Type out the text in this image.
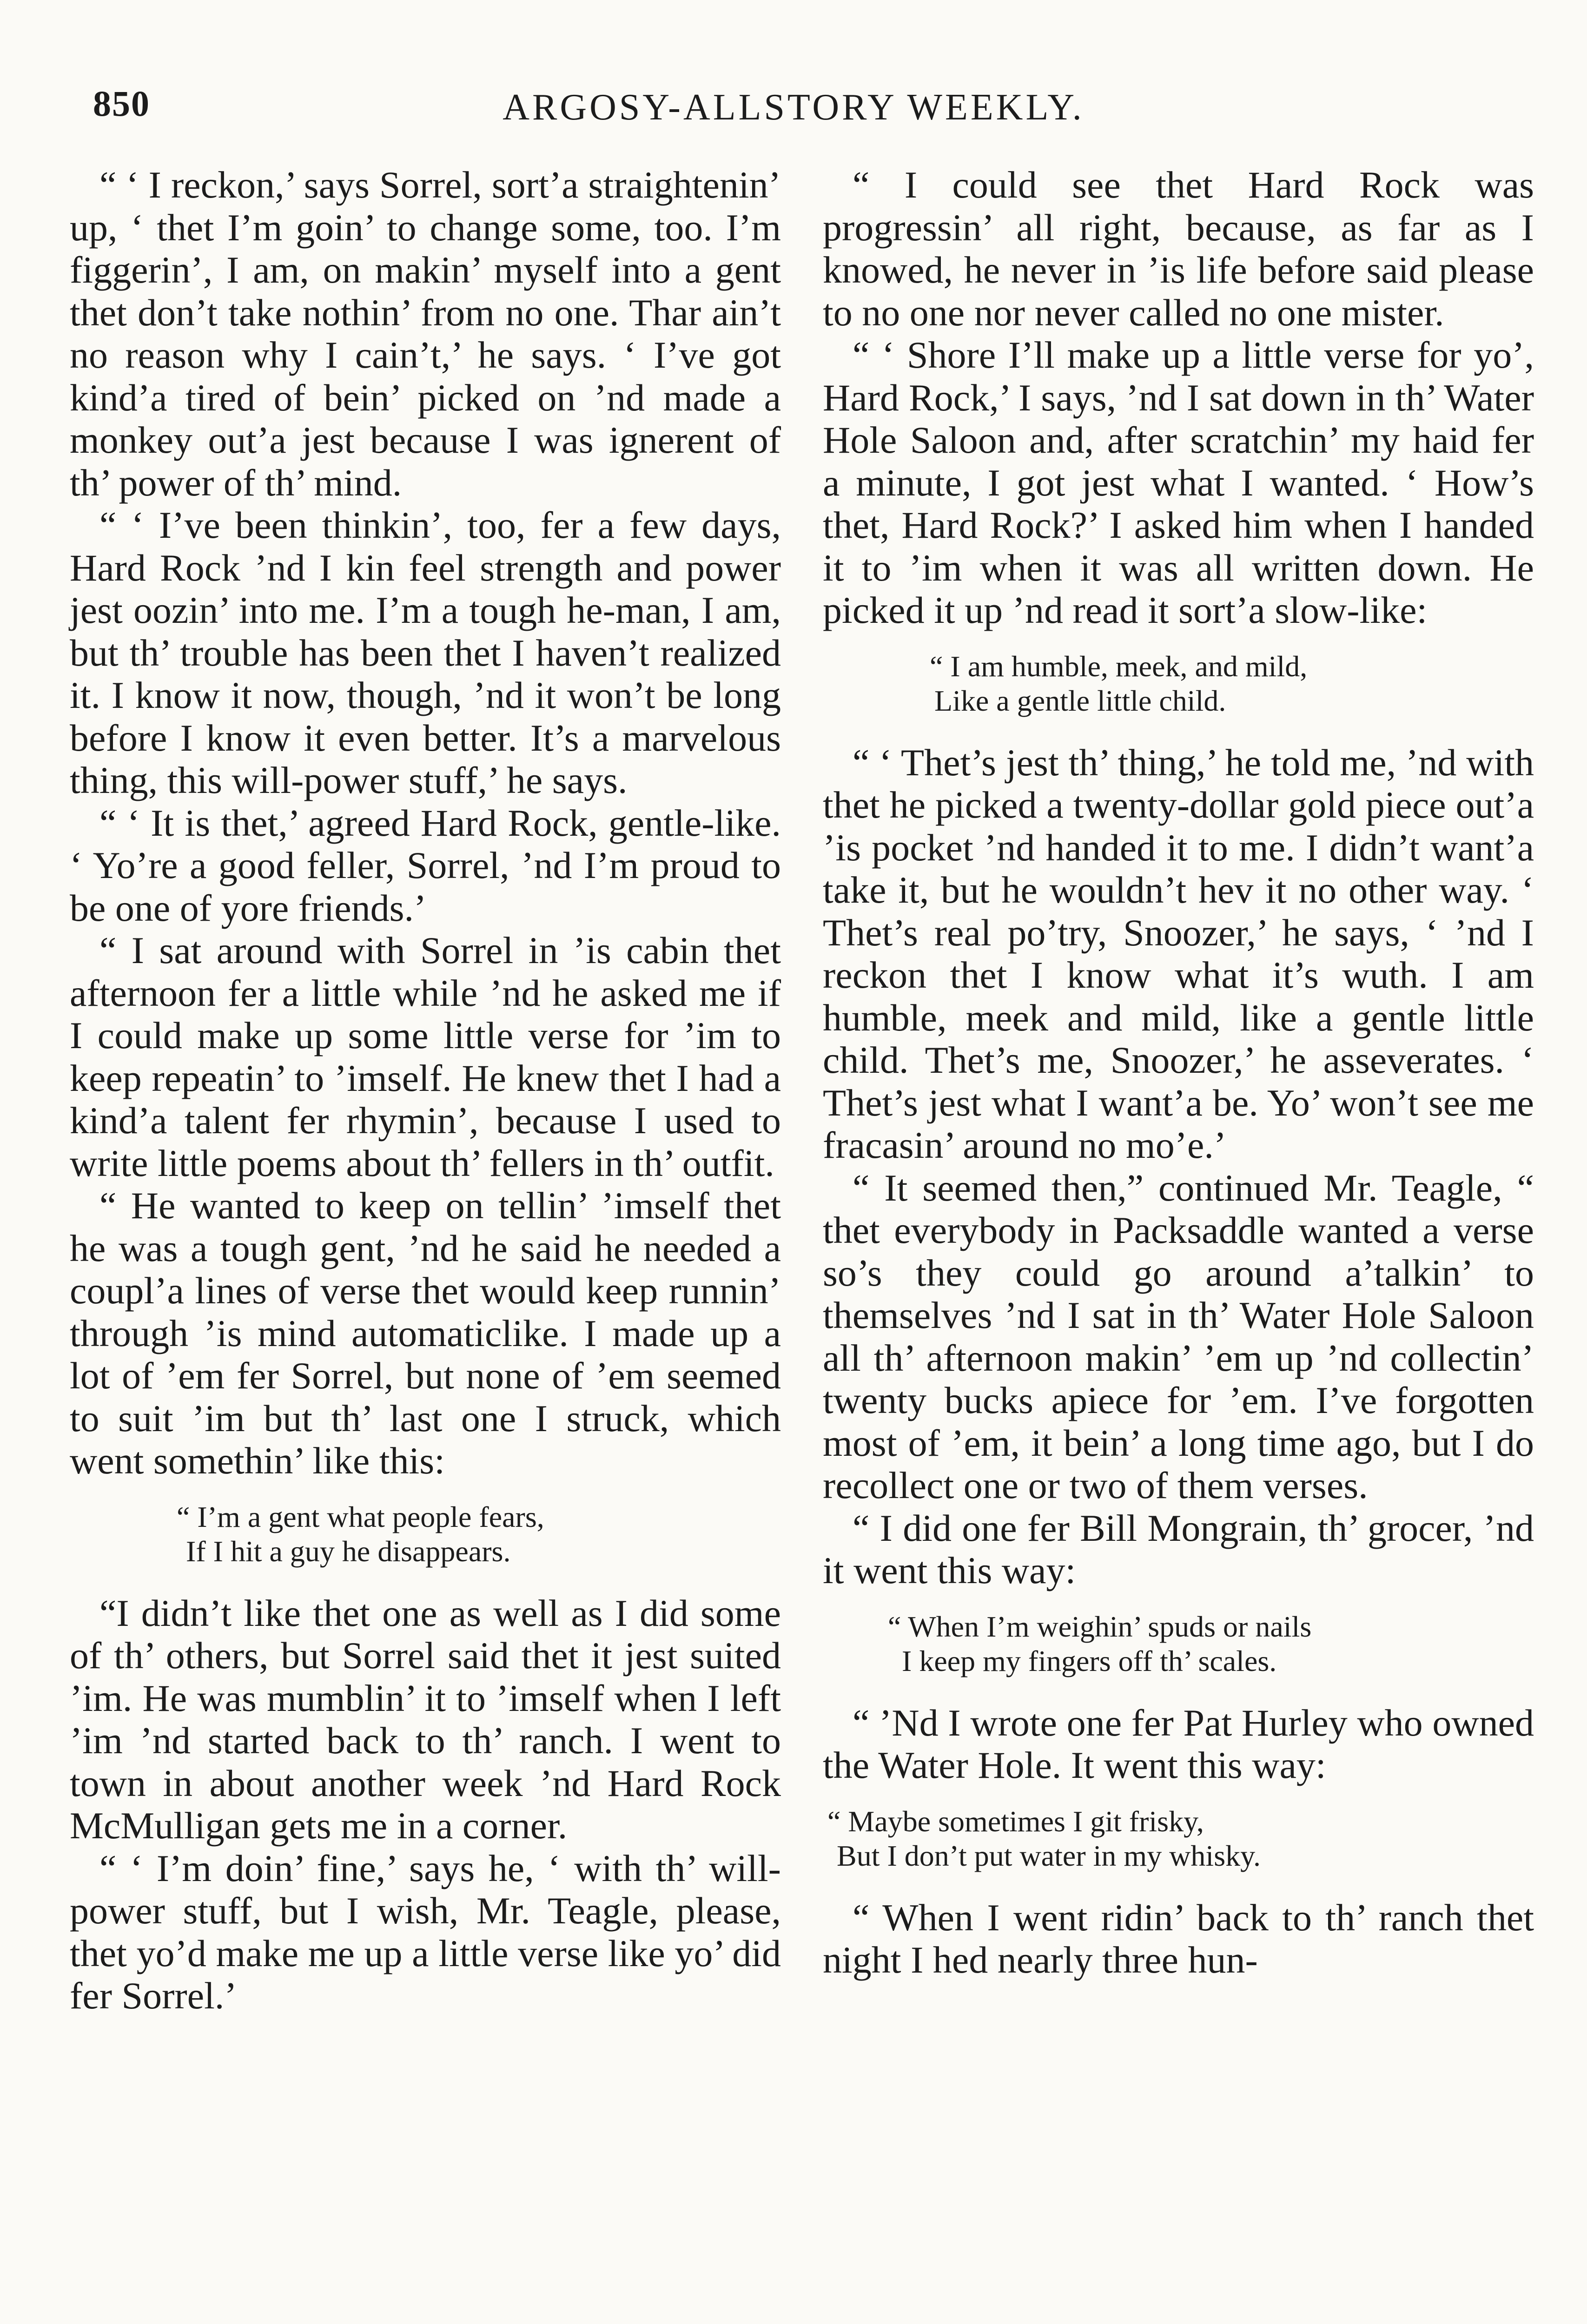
850	ARGOSY-ALLSTORY WEEKLY.

“ ‘ I reckon,’ says Sorrel, sort’a straightenin’ up, ‘ thet I’m goin’ to change some, too. I’m figgerin’, I am, on makin’ myself into a gent thet don’t take nothin’ from no one. Thar ain’t no reason why I cain’t,’ he says. ‘ I’ve got kind’a tired of bein’ picked on ’nd made a monkey out’a jest because I was ignerent of th’ power of th’ mind.

“ ‘ I’ve been thinkin’, too, fer a few days, Hard Rock ’nd I kin feel strength and power jest oozin’ into me. I’m a tough he-man, I am, but th’ trouble has been thet I haven’t realized it. I know it now, though, ’nd it won’t be long before I know it even better. It’s a marvelous thing, this will-power stuff,’ he says.

“ ‘ It is thet,’ agreed Hard Rock, gentle-like. ‘ Yo’re a good feller, Sorrel, ’nd I’m proud to be one of yore friends.’

“ I sat around with Sorrel in ’is cabin thet afternoon fer a little while ’nd he asked me if I could make up some little verse for ’im to keep repeatin’ to ’imself. He knew thet I had a kind’a talent fer rhymin’, because I used to write little poems about th’ fellers in th’ outfit.

“ He wanted to keep on tellin’ ’imself thet he was a tough gent, ’nd he said he needed a coupl’a lines of verse thet would keep runnin’ through ’is mind automaticlike. I made up a lot of ’em fer Sorrel, but none of ’em seemed to suit ’im but th’ last one I struck, which went somethin’ like this:

“ I’m a gent what people fears,
If I hit a guy he disappears.

“I didn’t like thet one as well as I did some of th’ others, but Sorrel said thet it jest suited ’im. He was mumblin’ it to ’imself when I left ’im ’nd started back to th’ ranch. I went to town in about another week ’nd Hard Rock McMulligan gets me in a corner.

“ ‘ I’m doin’ fine,’ says he, ‘ with th’ will-power stuff, but I wish, Mr. Teagle, please, thet yo’d make me up a little verse like yo’ did fer Sorrel.’

“ I could see thet Hard Rock was progressin’ all right, because, as far as I knowed, he never in ’is life before said please to no one nor never called no one mister.

“ ‘ Shore I’ll make up a little verse for yo’, Hard Rock,’ I says, ’nd I sat down in th’ Water Hole Saloon and, after scratchin’ my haid fer a minute, I got jest what I wanted. ‘ How’s thet, Hard Rock?’ I asked him when I handed it to ’im when it was all written down. He picked it up ’nd read it sort’a slow-like:

“ I am humble, meek, and mild,
Like a gentle little child.

“ ‘ Thet’s jest th’ thing,’ he told me, ’nd with thet he picked a twenty-dollar gold piece out’a ’is pocket ’nd handed it to me. I didn’t want’a take it, but he wouldn’t hev it no other way. ‘ Thet’s real po’try, Snoozer,’ he says, ‘ ’nd I reckon thet I know what it’s wuth. I am humble, meek and mild, like a gentle little child. Thet’s me, Snoozer,’ he asseverates. ‘ Thet’s jest what I want’a be. Yo’ won’t see me fracasin’ around no mo’e.’

“ It seemed then,” continued Mr. Teagle, “ thet everybody in Packsaddle wanted a verse so’s they could go around a’talkin’ to themselves ’nd I sat in th’ Water Hole Saloon all th’ afternoon makin’ ’em up ’nd collectin’ twenty bucks apiece for ’em. I’ve forgotten most of ’em, it bein’ a long time ago, but I do recollect one or two of them verses.

“ I did one fer Bill Mongrain, th’ grocer, ’nd it went this way:

“ When I’m weighin’ spuds or nails
I keep my fingers off th’ scales.

“ ’Nd I wrote one fer Pat Hurley who owned the Water Hole. It went this way:

“ Maybe sometimes I git frisky,
But I don’t put water in my whisky.

“ When I went ridin’ back to th’ ranch thet night I hed nearly three hun-
